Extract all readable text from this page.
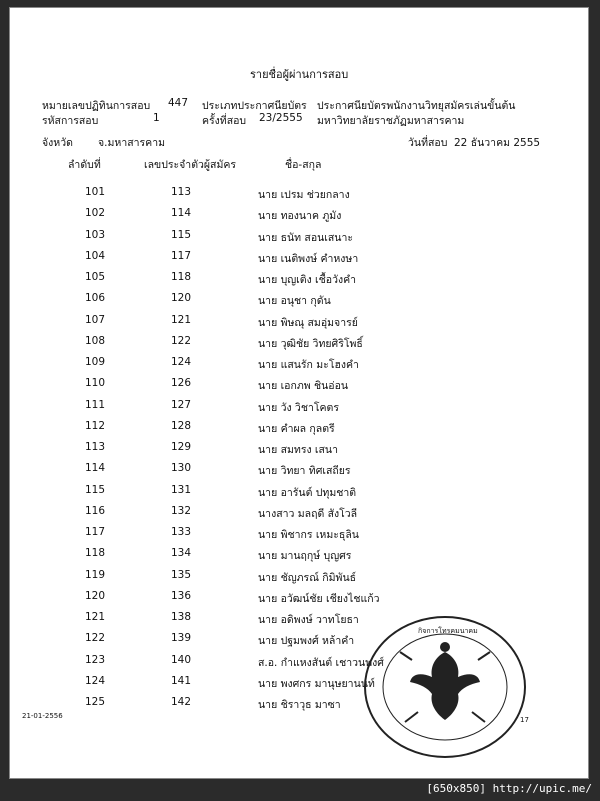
รายชื่อผู้ผ่านการสอบ
หมายเลขปฏิทินการสอบ 447 ประเภทประกาศนียบัตร ประกาศนียบัตรพนักงานวิทยุสมัครเล่นขั้นต้น
รหัสการสอบ	1	ครั้งที่สอบ 23/2555 มหาวิทยาลัยราชภัฏมหาสารคาม
จังหวัด จ.มหาสารคาม	วันที่สอบ 22 ธันวาคม 2555
ลำดับที่	เลขประจำตัวผู้สมัคร	ชื่อ-สกุล
101	113	นาย เปรม ช่วยกลาง
102	114	นาย ทองนาค ภูมัง
103	115	นาย ธนัท สอนเสนาะ
104	117	นาย เนติพงษ์ คำหงษา
105	118	นาย บุญเติง เชื้อวังคำ
106	120	นาย อนุชา กุดัน
107	121	นาย พิษณุ สมอุ่มจารย์
108	122	นาย วุฒิชัย วิทยศิริโพธิ์
109	124	นาย แสนรัก มะโฮงคำ
110	126	นาย เอกภพ ชินอ่อน
111	127	นาย วัง วิชาโคตร
112	128	นาย คำผล กุลตรี
113	129	นาย สมทรง เสนา
114	130	นาย วิทยา ทิศเสถียร
115	131	นาย อารันต์ ปทุมชาติ
116	132	นางสาว มลฤดี สังโวลี
117	133	นาย พิชากร เหมะธุลิน
118	134	นาย มานฤกุษ์ บุญศร
119	135	นาย ชัญภรณ์ กิมิพันธ์
120	136	นาย อวัฒน์ชัย เชียงไชแก้ว
121	138	นาย อดิพงษ์ วาทโยธา
122	139	นาย ปฐมพงศ์ หล้าคำ
123	140	ส.อ. กำแหงสันต์ เชาวนพงศ์
124	141	นาย พงศกร มานุษยานนท์
125	142	นาย ชิราวุธ มาซา
21-01-2556	17
กิจการโทรคมนาคม
[650x850] http://upic.me/
